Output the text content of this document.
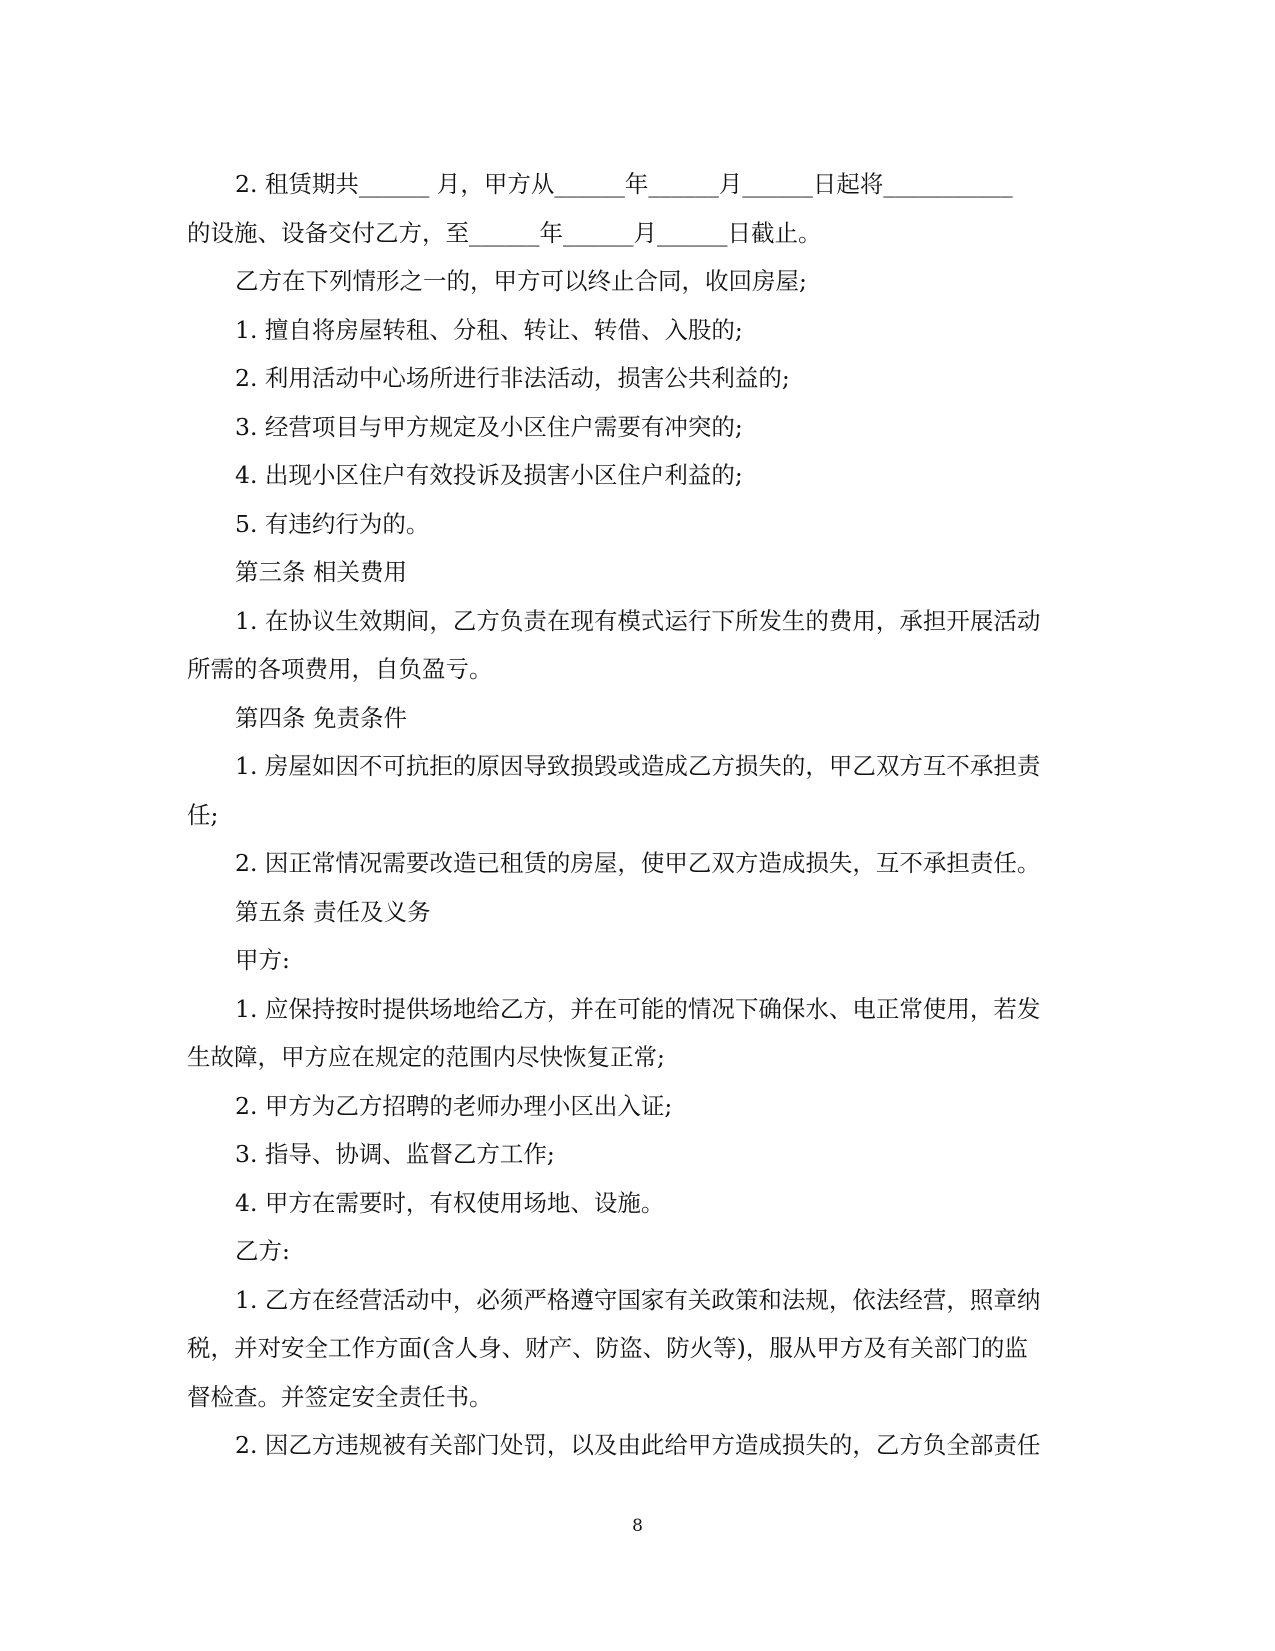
2. 租赁期共______ 月，甲方从______年______月______日起将___________
的设施、设备交付乙方，至______年______月______日截止。
乙方在下列情形之一的，甲方可以终止合同，收回房屋;
1. 擅自将房屋转租、分租、转让、转借、入股的;
2. 利用活动中心场所进行非法活动，损害公共利益的;
3. 经营项目与甲方规定及小区住户需要有冲突的;
4. 出现小区住户有效投诉及损害小区住户利益的;
5. 有违约行为的。
第三条 相关费用
1. 在协议生效期间，乙方负责在现有模式运行下所发生的费用，承担开展活动
所需的各项费用，自负盈亏。
第四条 免责条件
1. 房屋如因不可抗拒的原因导致损毁或造成乙方损失的，甲乙双方互不承担责
任;
2. 因正常情况需要改造已租赁的房屋，使甲乙双方造成损失，互不承担责任。
第五条 责任及义务
甲方:
1. 应保持按时提供场地给乙方，并在可能的情况下确保水、电正常使用，若发
生故障，甲方应在规定的范围内尽快恢复正常;
2. 甲方为乙方招聘的老师办理小区出入证;
3. 指导、协调、监督乙方工作;
4. 甲方在需要时，有权使用场地、设施。
乙方:
1. 乙方在经营活动中，必须严格遵守国家有关政策和法规，依法经营，照章纳
税，并对安全工作方面(含人身、财产、防盗、防火等)，服从甲方及有关部门的监
督检查。并签定安全责任书。
2. 因乙方违规被有关部门处罚，以及由此给甲方造成损失的，乙方负全部责任
8
